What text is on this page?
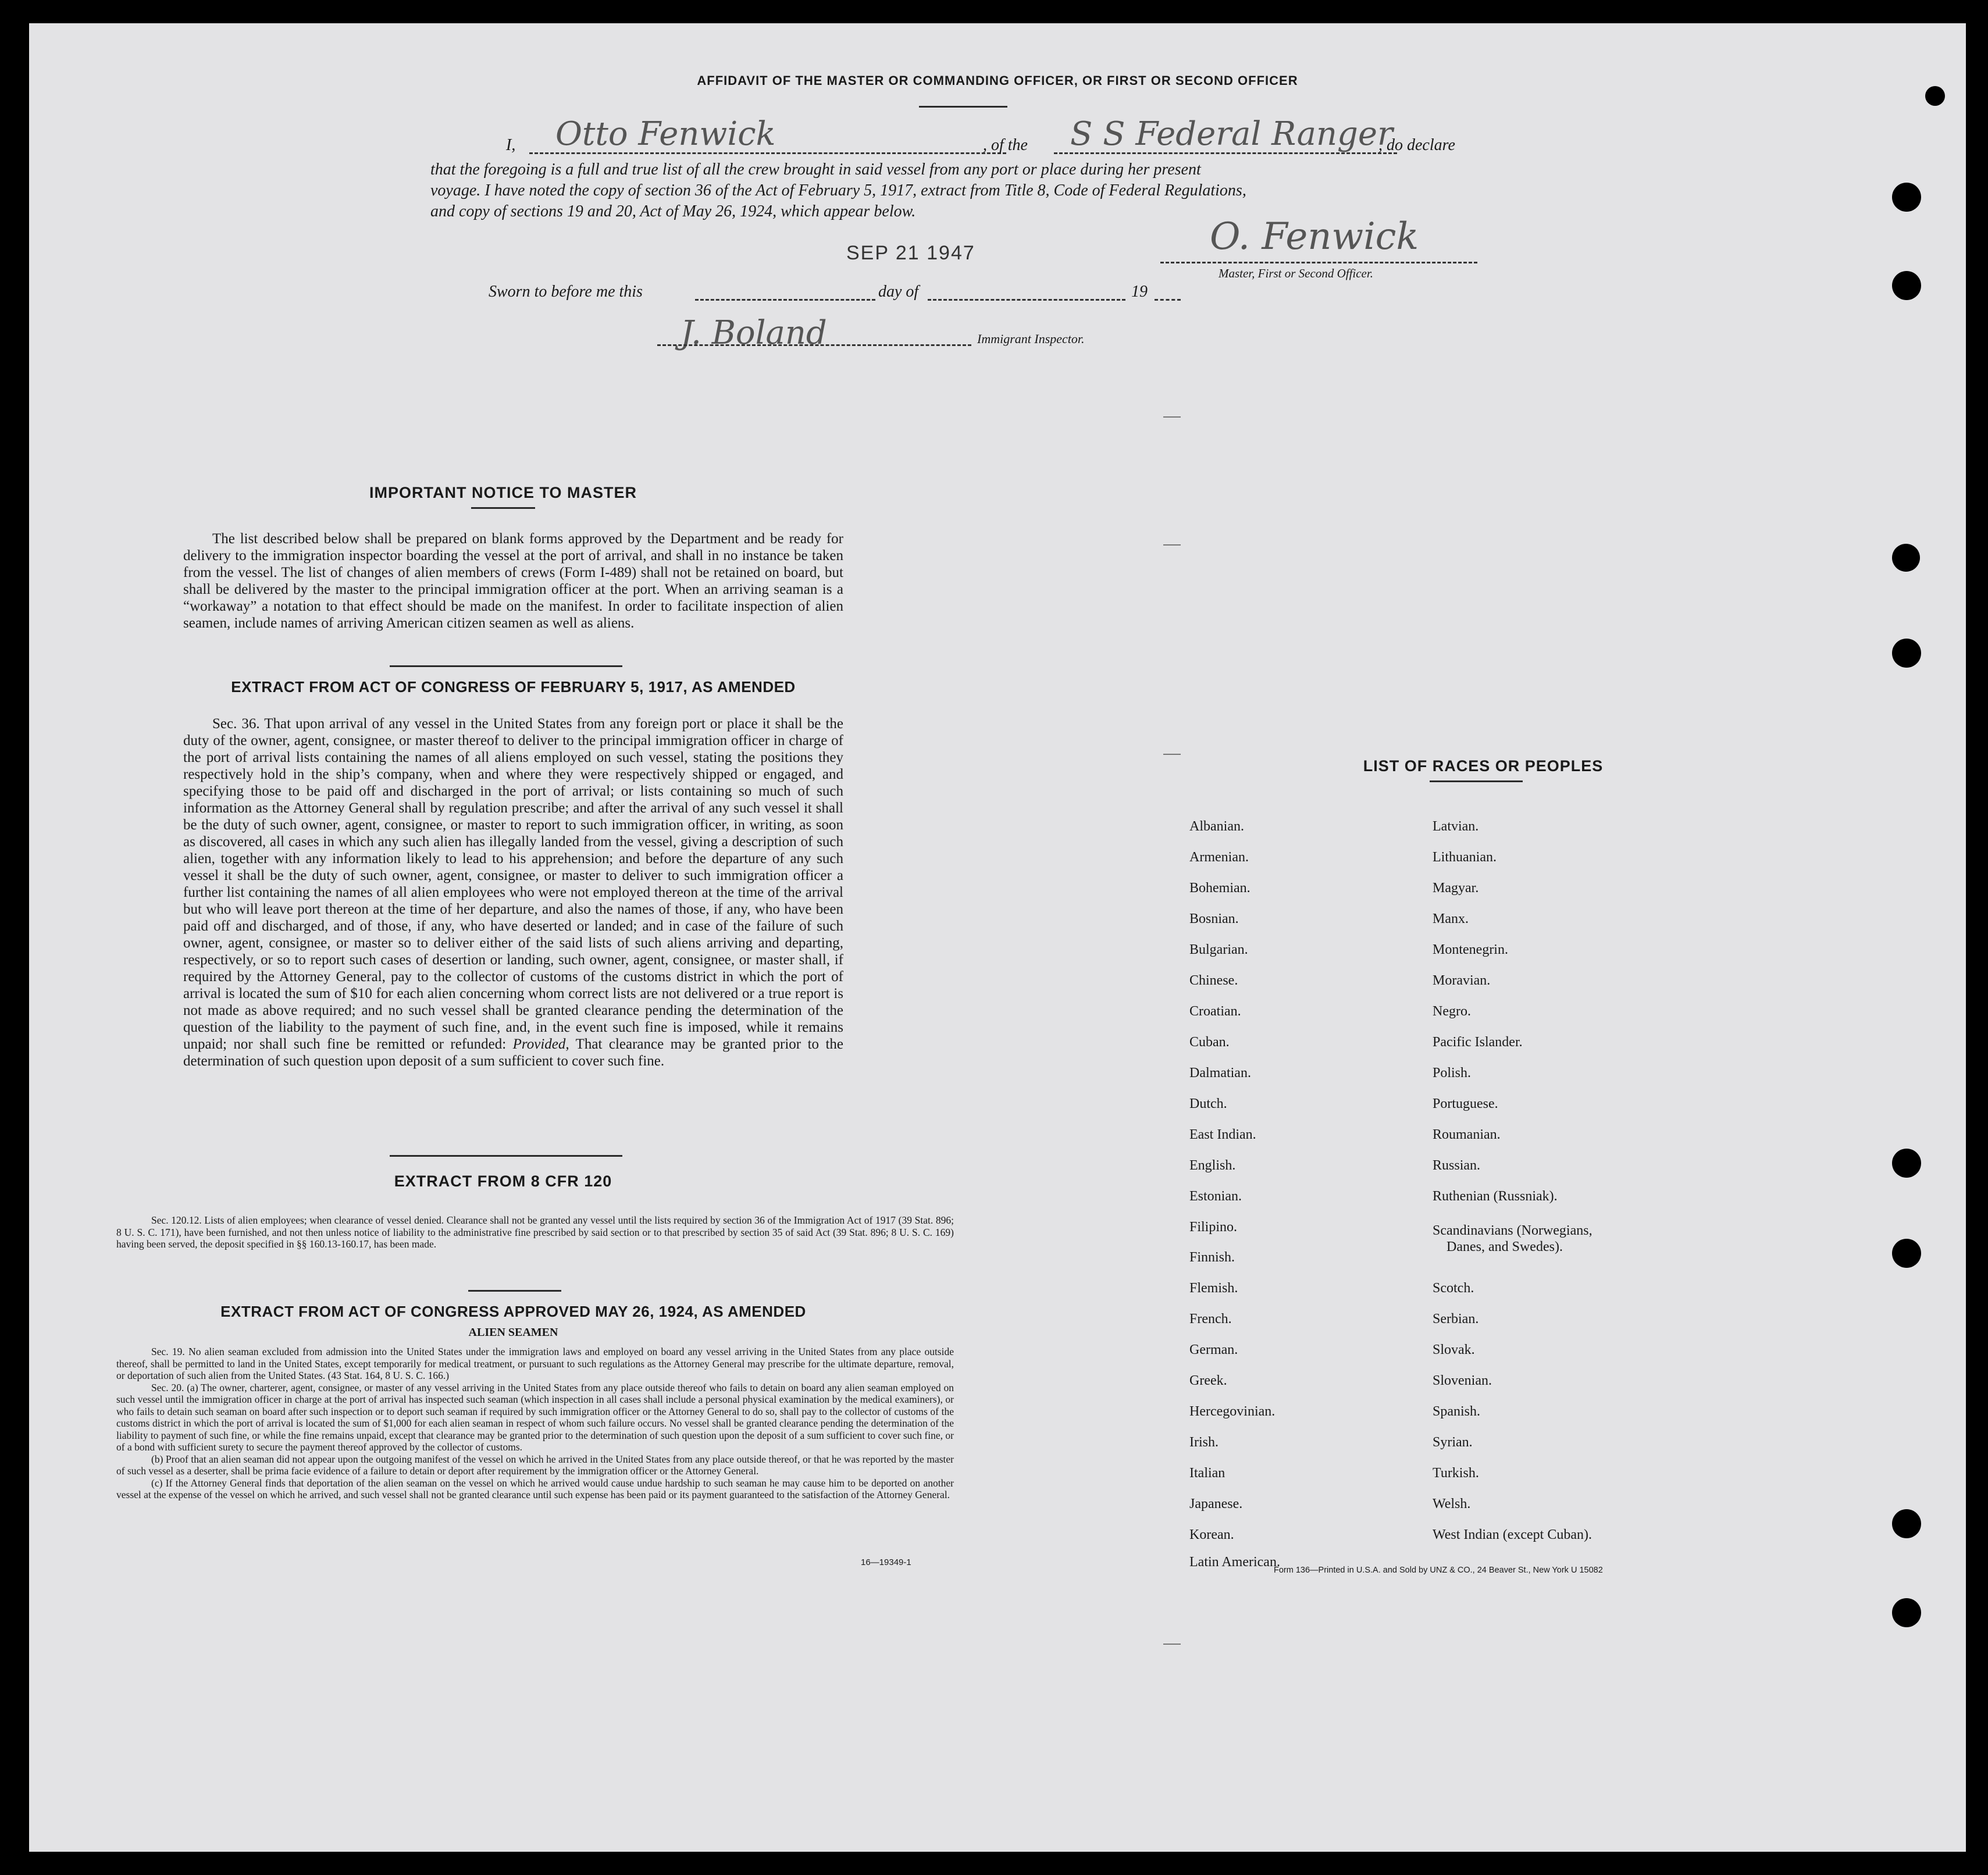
AFFIDAVIT OF THE MASTER OR COMMANDING OFFICER, OR FIRST OR SECOND OFFICER
I, Otto Fenwick	, of the S S Federal Ranger
, do declare
that the foregoing is a full and true list of all the crew brought in said vessel from any port or place during her present
voyage. I have noted the copy of section 36 of the Act of February 5, 1917, extract from Title 8, Code of Federal Regulations,
and copy of sections 19 and 20, Act of May 26, 1924, which appear below.
SEP 21 1947	O. Fenwick
Master, First or Second Officer.
Sworn to before me this	day of	19
J. Boland	Immigrant Inspector.
IMPORTANT NOTICE TO MASTER
The list described below shall be prepared on blank forms approved by the Department and be ready for delivery to the immigration inspector boarding the vessel at the port of arrival, and shall in no instance be taken from the vessel. The list of changes of alien members of crews (Form I-489) shall not be retained on board, but shall be delivered by the master to the principal immigration officer at the port. When an arriving seaman is a “workaway” a notation to that effect should be made on the manifest. In order to facilitate inspection of alien seamen, include names of arriving American citizen seamen as well as aliens.
EXTRACT FROM ACT OF CONGRESS OF FEBRUARY 5, 1917, AS AMENDED
Sec. 36. That upon arrival of any vessel in the United States from any foreign port or place it shall be the duty of the owner, agent, consignee, or master thereof to deliver to the principal immigration officer in charge of the port of arrival lists containing the names of all aliens employed on such vessel, stating the positions they respectively hold in the ship’s company, when and where they were respectively shipped or engaged, and specifying those to be paid off and discharged in the port of arrival; or lists containing so much of such information as the Attorney General shall by regulation prescribe; and after the arrival of any such vessel it shall be the duty of such owner, agent, consignee, or master to report to such immigration officer, in writing, as soon as discovered, all cases in which any such alien has illegally landed from the vessel, giving a description of such alien, together with any information likely to lead to his apprehension; and before the departure of any such vessel it shall be the duty of such owner, agent, consignee, or master to deliver to such immigration officer a further list containing the names of all alien employees who were not employed thereon at the time of the arrival but who will leave port thereon at the time of her departure, and also the names of those, if any, who have been paid off and discharged, and of those, if any, who have deserted or landed; and in case of the failure of such owner, agent, consignee, or master so to deliver either of the said lists of such aliens arriving and departing, respectively, or so to report such cases of desertion or landing, such owner, agent, consignee, or master shall, if required by the Attorney General, pay to the collector of customs of the customs district in which the port of arrival is located the sum of $10 for each alien concerning whom correct lists are not delivered or a true report is not made as above required; and no such vessel shall be granted clearance pending the determination of the question of the liability to the payment of such fine, and, in the event such fine is imposed, while it remains unpaid; nor shall such fine be remitted or refunded: Provided, That clearance may be granted prior to the determination of such question upon deposit of a sum sufficient to cover such fine.
EXTRACT FROM 8 CFR 120
Sec. 120.12. Lists of alien employees; when clearance of vessel denied. Clearance shall not be granted any vessel until the lists required by section 36 of the Immigration Act of 1917 (39 Stat. 896; 8 U. S. C. 171), have been furnished, and not then unless notice of liability to the administrative fine prescribed by said section or to that prescribed by section 35 of said Act (39 Stat. 896; 8 U. S. C. 169) having been served, the deposit specified in §§ 160.13-160.17, has been made.
EXTRACT FROM ACT OF CONGRESS APPROVED MAY 26, 1924, AS AMENDED
ALIEN SEAMEN
Sec. 19. No alien seaman excluded from admission into the United States under the immigration laws and employed on board any vessel arriving in the United States from any place outside thereof, shall be permitted to land in the United States, except temporarily for medical treatment, or pursuant to such regulations as the Attorney General may prescribe for the ultimate departure, removal, or deportation of such alien from the United States. (43 Stat. 164, 8 U. S. C. 166.)
Sec. 20. (a) The owner, charterer, agent, consignee, or master of any vessel arriving in the United States from any place outside thereof who fails to detain on board any alien seaman employed on such vessel until the immigration officer in charge at the port of arrival has inspected such seaman (which inspection in all cases shall include a personal physical examination by the medical examiners), or who fails to detain such seaman on board after such inspection or to deport such seaman if required by such immigration officer or the Attorney General to do so, shall pay to the collector of customs of the customs district in which the port of arrival is located the sum of $1,000 for each alien seaman in respect of whom such failure occurs. No vessel shall be granted clearance pending the determination of the liability to payment of such fine, or while the fine remains unpaid, except that clearance may be granted prior to the determination of such question upon the deposit of a sum sufficient to cover such fine, or of a bond with sufficient surety to secure the payment thereof approved by the collector of customs.
(b) Proof that an alien seaman did not appear upon the outgoing manifest of the vessel on which he arrived in the United States from any place outside thereof, or that he was reported by the master of such vessel as a deserter, shall be prima facie evidence of a failure to detain or deport after requirement by the immigration officer or the Attorney General.
(c) If the Attorney General finds that deportation of the alien seaman on the vessel on which he arrived would cause undue hardship to such seaman he may cause him to be deported on another vessel at the expense of the vessel on which he arrived, and such vessel shall not be granted clearance until such expense has been paid or its payment guaranteed to the satisfaction of the Attorney General.
16—19349-1
LIST OF RACES OR PEOPLES
Form 136—Printed in U.S.A. and Sold by UNZ & CO., 24 Beaver St., New York U 15082
Albanian.
Armenian.
Bohemian.
Bosnian.
Bulgarian.
Chinese.
Croatian.
Cuban.
Dalmatian.
Dutch.
East Indian.
English.
Estonian.
Filipino.
Finnish.
Flemish.
French.
German.
Greek.
Hercegovinian.
Irish.
Italian
Japanese.
Korean.
Latin American.
Latvian.
Lithuanian.
Magyar.
Manx.
Montenegrin.
Moravian.
Negro.
Pacific Islander.
Polish.
Portuguese.
Roumanian.
Russian.
Ruthenian (Russniak).
Scandinavians (Norwegians,
Danes, and Swedes).
Scotch.
Serbian.
Slovak.
Slovenian.
Spanish.
Syrian.
Turkish.
Welsh.
West Indian (except Cuban).
